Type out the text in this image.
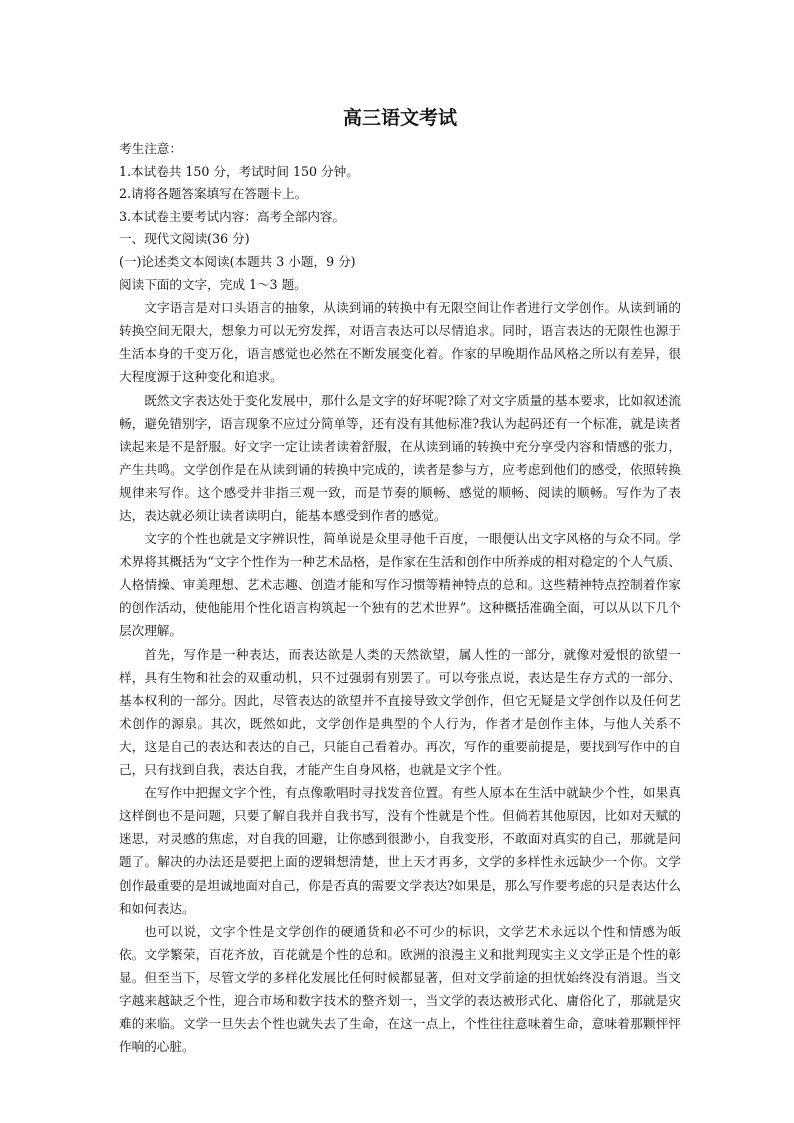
高三语文考试

考生注意：

1.本试卷共 150 分，考试时间 150 分钟。

2.请将各题答案填写在答题卡上。

3.本试卷主要考试内容：高考全部内容。

一、现代文阅读(36 分)

(一)论述类文本阅读(本题共 3 小题，9 分)

阅读下面的文字，完成 1～3 题。

文字语言是对口头语言的抽象，从读到诵的转换中有无限空间让作者进行文学创作。从读到诵的转换空间无限大，想象力可以无穷发挥，对语言表达可以尽情追求。同时，语言表达的无限性也源于生活本身的千变万化，语言感觉也必然在不断发展变化着。作家的早晚期作品风格之所以有差异，很大程度源于这种变化和追求。

既然文字表达处于变化发展中，那什么是文字的好坏呢?除了对文字质量的基本要求，比如叙述流畅，避免错别字，语言现象不应过分简单等，还有没有其他标准?我认为起码还有一个标准，就是读者读起来是不是舒服。好文字一定让读者读着舒服，在从读到诵的转换中充分享受内容和情感的张力，产生共鸣。文学创作是在从读到诵的转换中完成的，读者是参与方，应考虑到他们的感受，依照转换规律来写作。这个感受并非指三观一致，而是节奏的顺畅、感觉的顺畅、阅读的顺畅。写作为了表达，表达就必须让读者读明白，能基本感受到作者的感觉。

文字的个性也就是文字辨识性，简单说是众里寻他千百度，一眼便认出文字风格的与众不同。学术界将其概括为“文字个性作为一种艺术品格，是作家在生活和创作中所养成的相对稳定的个人气质、人格情操、审美理想、艺术志趣、创造才能和写作习惯等精神特点的总和。这些精神特点控制着作家的创作活动，使他能用个性化语言构筑起一个独有的艺术世界”。这种概括准确全面，可以从以下几个层次理解。

首先，写作是一种表达，而表达欲是人类的天然欲望，属人性的一部分，就像对爱恨的欲望一样，具有生物和社会的双重动机，只不过强弱有别罢了。可以夸张点说，表达是生存方式的一部分、基本权利的一部分。因此，尽管表达的欲望并不直接导致文学创作，但它无疑是文学创作以及任何艺术创作的源泉。其次，既然如此，文学创作是典型的个人行为，作者才是创作主体，与他人关系不大，这是自己的表达和表达的自己，只能自己看着办。再次，写作的重要前提是，要找到写作中的自己，只有找到自我，表达自我，才能产生自身风格，也就是文字个性。

在写作中把握文字个性，有点像歌唱时寻找发音位置。有些人原本在生活中就缺少个性，如果真这样倒也不是问题，只要了解自我并自我书写，没有个性就是个性。但倘若其他原因，比如对天赋的迷思，对灵感的焦虑，对自我的回避，让你感到很渺小，自我变形，不敢面对真实的自己，那就是问题了。解决的办法还是要把上面的逻辑想清楚，世上天才再多，文学的多样性永远缺少一个你。文学创作最重要的是坦诚地面对自己，你是否真的需要文学表达?如果是，那么写作要考虑的只是表达什么和如何表达。

也可以说，文字个性是文学创作的硬通货和必不可少的标识，文学艺术永远以个性和情感为皈依。文学繁荣，百花齐放，百花就是个性的总和。欧洲的浪漫主义和批判现实主义文学正是个性的彰显。但至当下，尽管文学的多样化发展比任何时候都显著，但对文学前途的担忧始终没有消退。当文字越来越缺乏个性，迎合市场和数字技术的整齐划一，当文学的表达被形式化、庸俗化了，那就是灾难的来临。文学一旦失去个性也就失去了生命，在这一点上，个性往往意味着生命，意味着那颗怦怦作响的心脏。
